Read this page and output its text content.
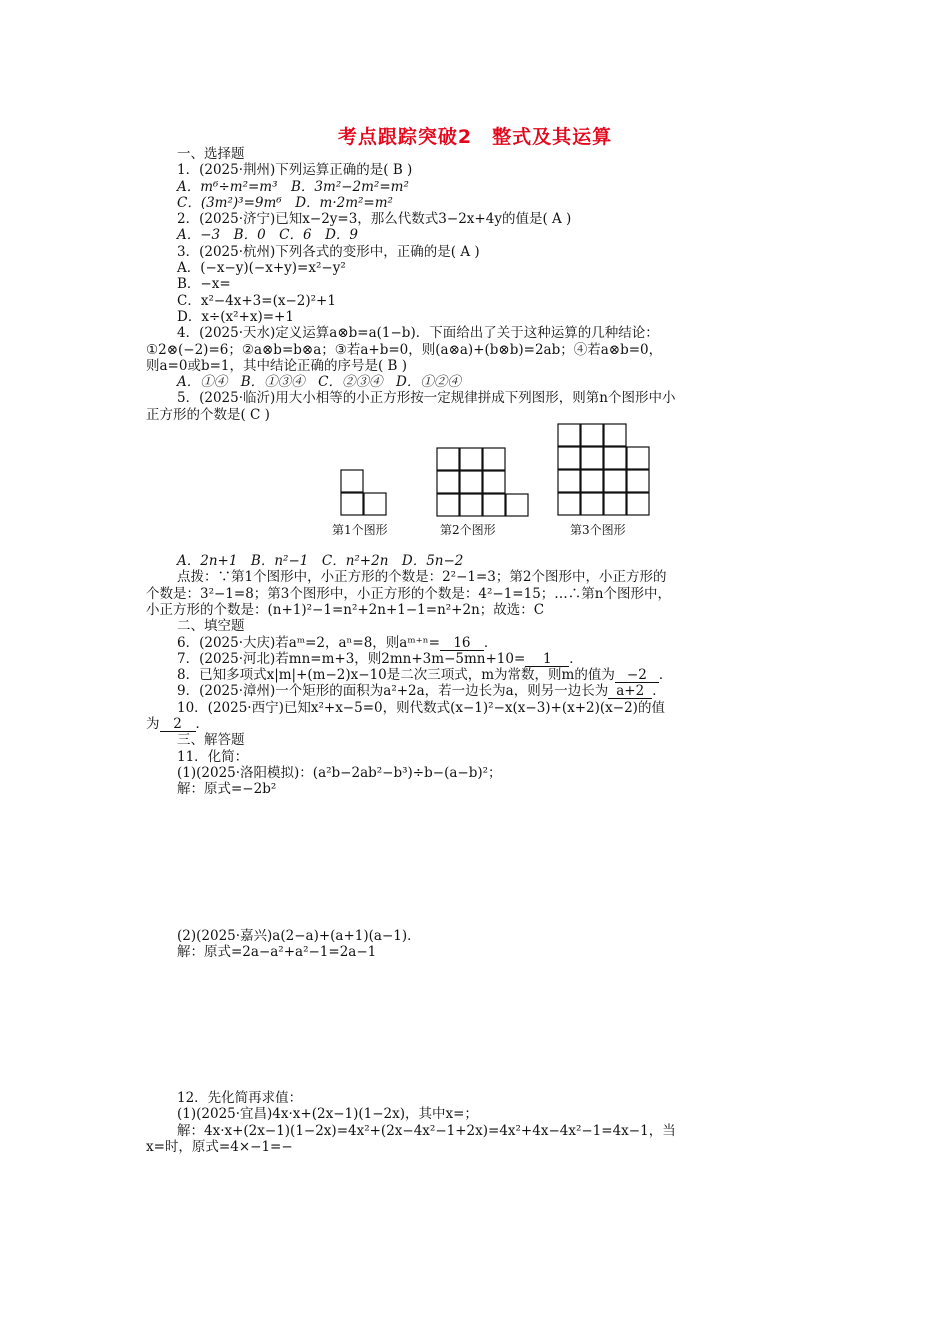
考点跟踪突破2　整式及其运算
一、选择题
1．(2025·荆州)下列运算正确的是( B )
A．m⁶÷m²=m³　B．3m²−2m²=m²
C．(3m²)³=9m⁶　D．m·2m²=m²
2．(2025·济宁)已知x−2y=3，那么代数式3−2x+4y的值是( A )
A．−3　B．0　C．6　D．9
3．(2025·杭州)下列各式的变形中，正确的是( A )
A．(−x−y)(−x+y)=x²−y²
B．−x=
C．x²−4x+3=(x−2)²+1
D．x÷(x²+x)=+1
4．(2025·天水)定义运算a⊗b=a(1−b)．下面给出了关于这种运算的几种结论：
①2⊗(−2)=6；②a⊗b=b⊗a；③若a+b=0，则(a⊗a)+(b⊗b)=2ab；④若a⊗b=0，
则a=0或b=1，其中结论正确的序号是( B )
A．①④　B．①③④　C．②③④　D．①②④
5．(2025·临沂)用大小相等的小正方形按一定规律拼成下列图形，则第n个图形中小
正方形的个数是( C )
第1个图形	第2个图形	第3个图形
A．2n+1　B．n²−1　C．n²+2n　D．5n−2
点拨：∵第1个图形中，小正方形的个数是：2²−1=3；第2个图形中，小正方形的
个数是：3²−1=8；第3个图形中，小正方形的个数是：4²−1=15；…∴第n个图形中，
小正方形的个数是：(n+1)²−1=n²+2n+1−1=n²+2n；故选：C
二、填空题
6．(2025·大庆)若aᵐ=2，aⁿ=8，则aᵐ⁺ⁿ= 16 ．
7．(2025·河北)若mn=m+3，则2mn+3m−5mn+10= 1 ．
8．已知多项式x|m|+(m−2)x−10是二次三项式，m为常数，则m的值为 −2 ．
9．(2025·漳州)一个矩形的面积为a²+2a，若一边长为a，则另一边长为 a+2 ．
10．(2025·西宁)已知x²+x−5=0，则代数式(x−1)²−x(x−3)+(x+2)(x−2)的值
为 2 ．
三、解答题
11．化简：
(1)(2025·洛阳模拟)：(a²b−2ab²−b³)÷b−(a−b)²；
解：原式=−2b²
(2)(2025·嘉兴)a(2−a)+(a+1)(a−1)．
解：原式=2a−a²+a²−1=2a−1
12．先化简再求值：
(1)(2025·宜昌)4x·x+(2x−1)(1−2x)，其中x=；
解：4x·x+(2x−1)(1−2x)=4x²+(2x−4x²−1+2x)=4x²+4x−4x²−1=4x−1，当
x=时，原式=4×−1=−
